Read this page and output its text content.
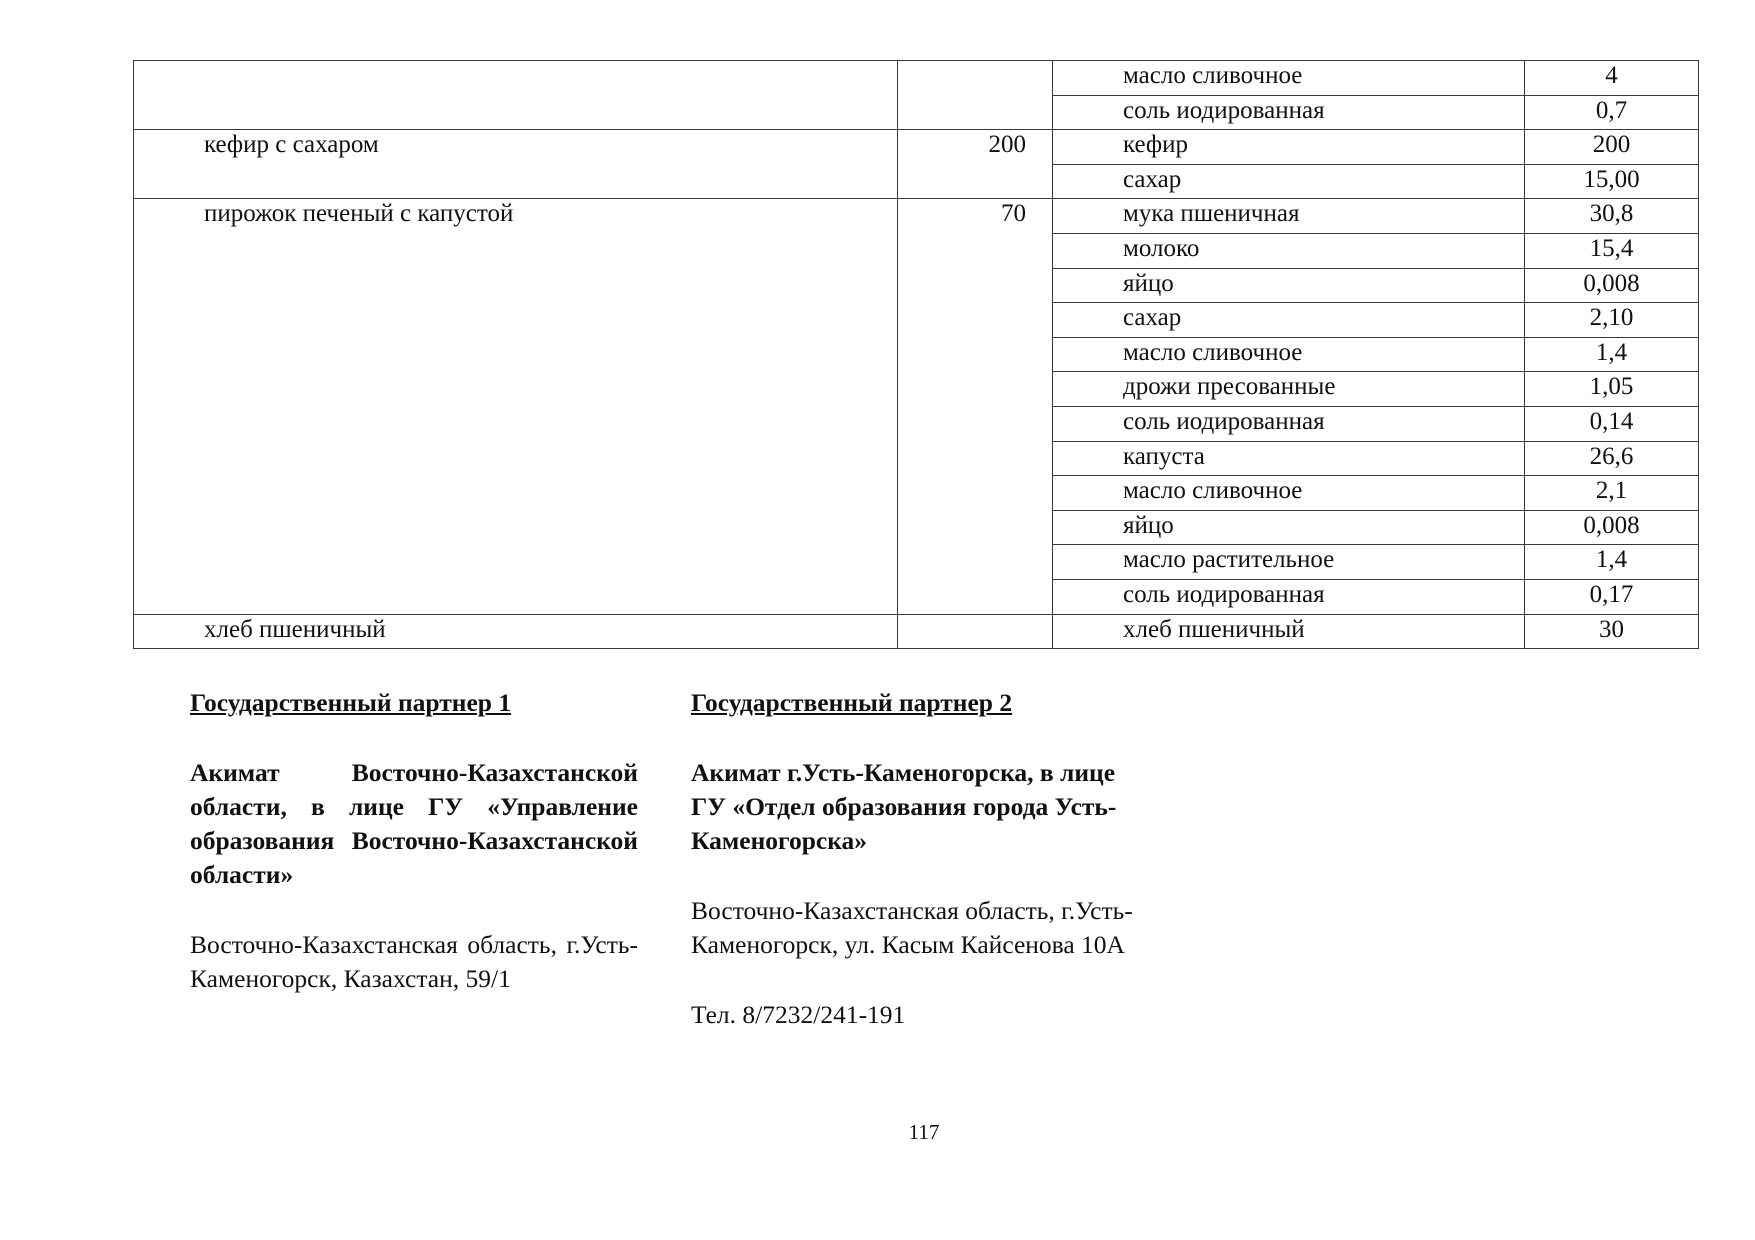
		масло сливочное	4
		соль иодированная	0,7
кефир с сахаром	200	кефир	200
		сахар	15,00
пирожок печеный с капустой	70	мука пшеничная	30,8
		молоко	15,4
		яйцо	0,008
		сахар	2,10
		масло сливочное	1,4
		дрожи пресованные	1,05
		соль иодированная	0,14
		капуста	26,6
		масло сливочное	2,1
		яйцо	0,008
		масло растительное	1,4
		соль иодированная	0,17
хлеб пшеничный		хлеб пшеничный	30

Государственный партнер 1

Акимат Восточно-Казахстанской области, в лице ГУ «Управление образования Восточно-Казахстанской области»

Восточно-Казахстанская область, г.Усть-Каменогорск, Казахстан, 59/1

Государственный партнер 2

Акимат г.Усть-Каменогорска, в лице ГУ «Отдел образования города Усть-Каменогорска»

Восточно-Казахстанская область, г.Усть-Каменогорск, ул. Касым Кайсенова 10А

Тел. 8/7232/241-191

117
